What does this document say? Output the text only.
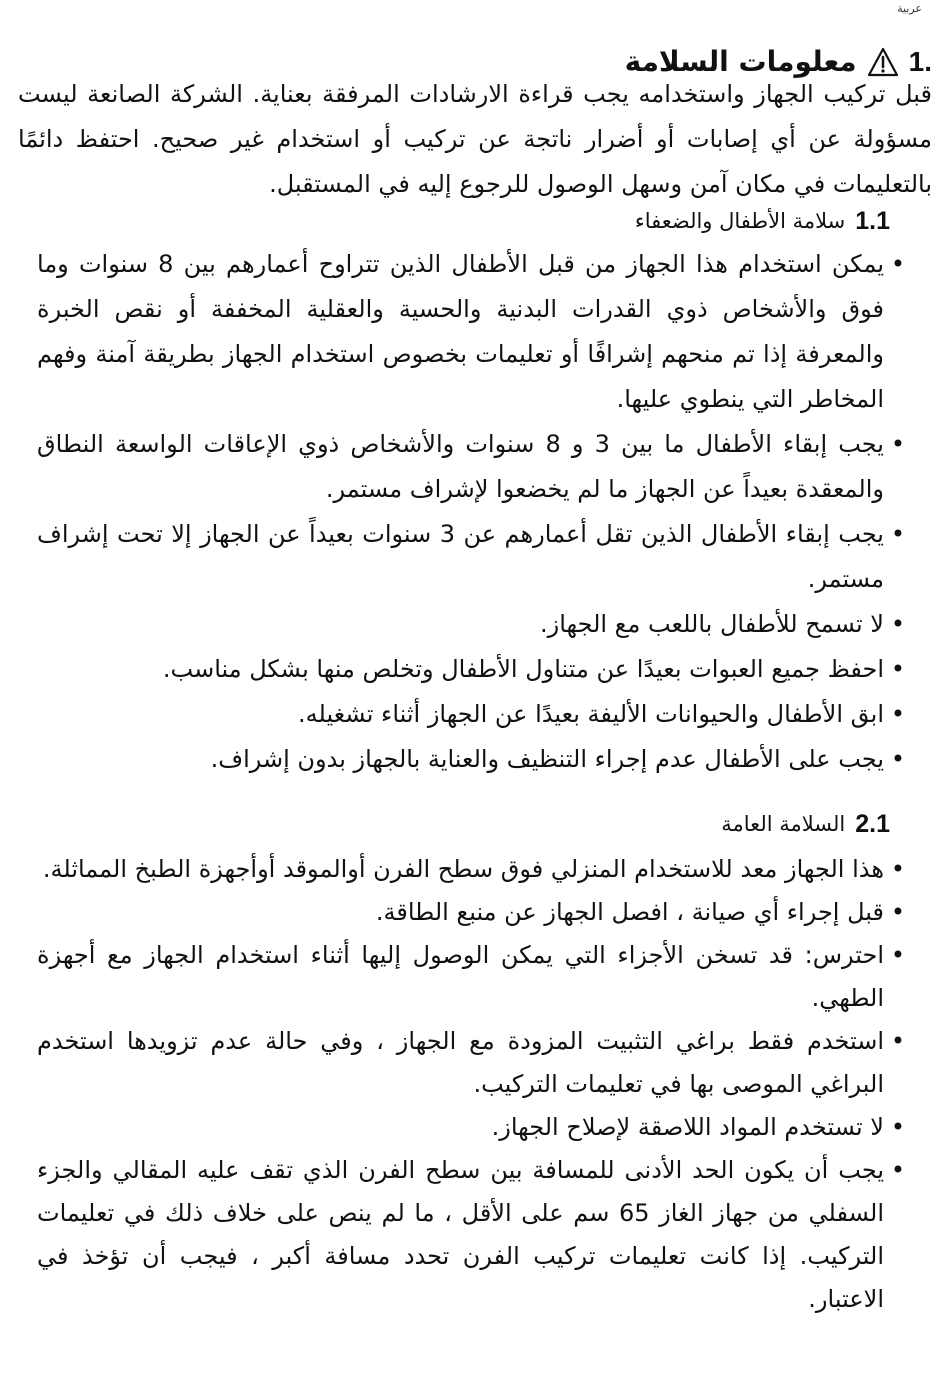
عربية
1.
معلومات السلامة

قبل تركيب الجهاز واستخدامه يجب قراءة الارشادات المرفقة بعناية. الشركة الصانعة ليست مسؤولة عن أي إصابات أو أضرار ناتجة عن تركيب أو استخدام غير صحيح. احتفظ دائمًا بالتعليمات في مكان آمن وسهل الوصول للرجوع إليه في المستقبل.

1.1
سلامة الأطفال والضعفاء
•
يمكن استخدام هذا الجهاز من قبل الأطفال الذين تتراوح أعمارهم بين 8 سنوات وما فوق والأشخاص ذوي القدرات البدنية والحسية والعقلية المخففة أو نقص الخبرة والمعرفة إذا تم منحهم إشرافًا أو تعليمات بخصوص استخدام الجهاز بطريقة آمنة وفهم المخاطر التي ينطوي عليها.
•
يجب إبقاء الأطفال ما بين 3 و 8 سنوات والأشخاص ذوي الإعاقات الواسعة النطاق والمعقدة بعيداً عن الجهاز ما لم يخضعوا لإشراف مستمر.
•
يجب إبقاء الأطفال الذين تقل أعمارهم عن 3 سنوات بعيداً عن الجهاز إلا تحت إشراف مستمر.
•
لا تسمح للأطفال باللعب مع الجهاز.
•
احفظ جميع العبوات بعيدًا عن متناول الأطفال وتخلص منها بشكل مناسب.
•
ابق الأطفال والحيوانات الأليفة بعيدًا عن الجهاز أثناء تشغيله.
•
يجب على الأطفال عدم إجراء التنظيف والعناية بالجهاز بدون إشراف.
2.1
السلامة العامة
•
هذا الجهاز معد للاستخدام المنزلي فوق سطح الفرن أوالموقد أوأجهزة الطبخ المماثلة.
•
قبل إجراء أي صيانة ، افصل الجهاز عن منبع الطاقة.
•
احترس: قد تسخن الأجزاء التي يمكن الوصول إليها أثناء استخدام الجهاز مع أجهزة الطهي.
•
استخدم فقط براغي التثبيت المزودة مع الجهاز ، وفي حالة عدم تزويدها استخدم البراغي الموصى بها في تعليمات التركيب.
•
لا تستخدم المواد اللاصقة لإصلاح الجهاز.
•
يجب أن يكون الحد الأدنى للمسافة بين سطح الفرن الذي تقف عليه المقالي والجزء السفلي من جهاز الغاز 65 سم على الأقل ، ما لم ينص على خلاف ذلك في تعليمات التركيب. إذا كانت تعليمات تركيب الفرن تحدد مسافة أكبر ، فيجب أن تؤخذ في الاعتبار.
